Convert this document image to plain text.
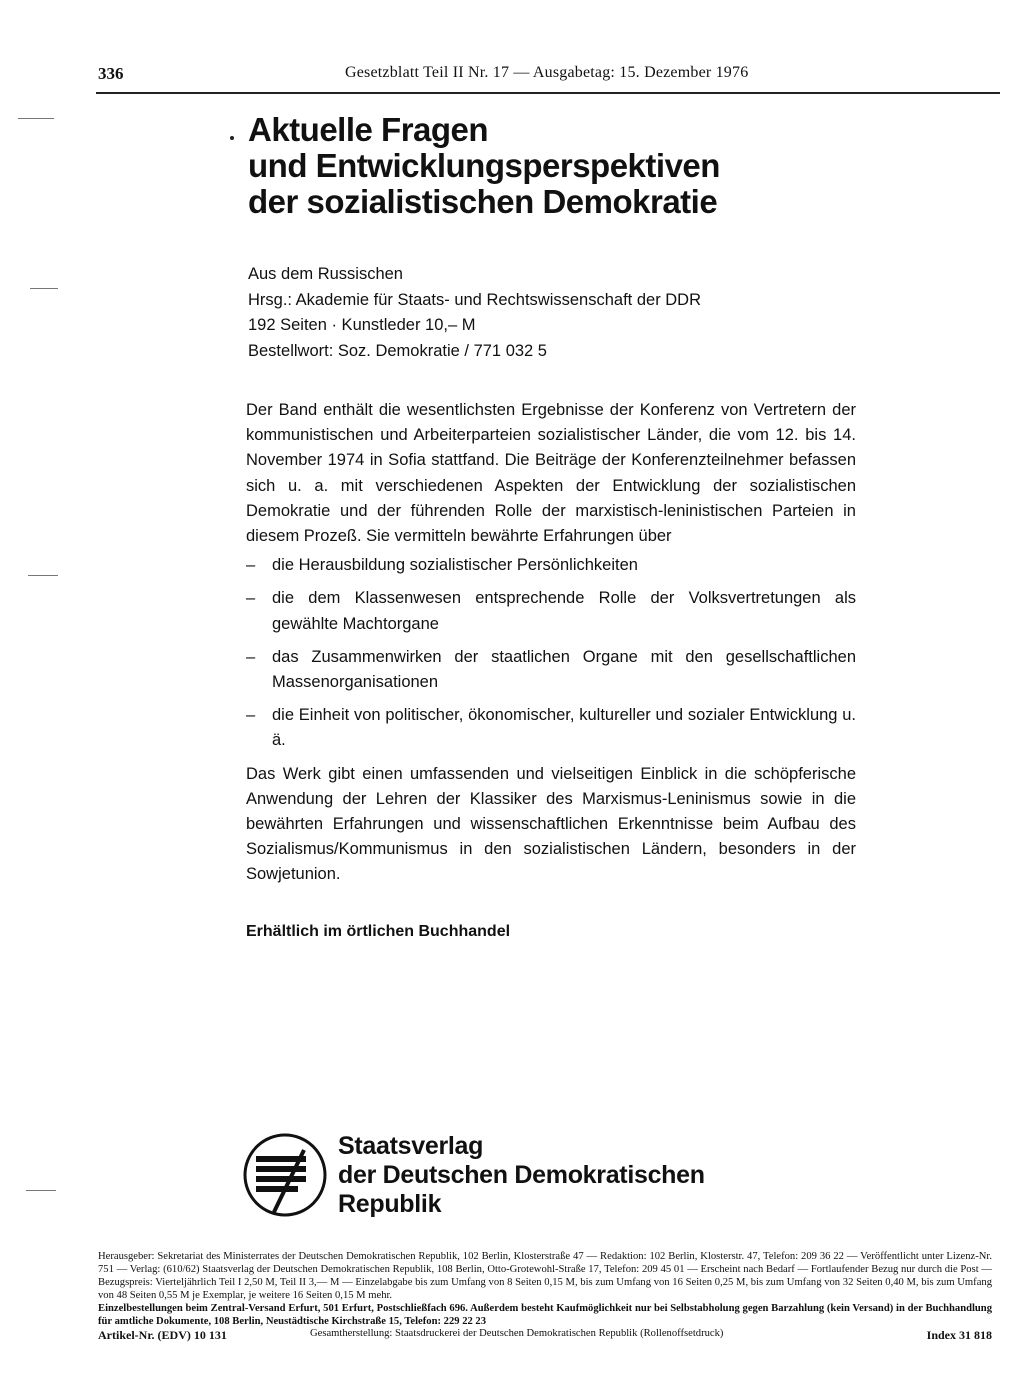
336	Gesetzblatt Teil II Nr. 17 — Ausgabetag: 15. Dezember 1976
Aktuelle Fragen
und Entwicklungsperspektiven
der sozialistischen Demokratie
Aus dem Russischen
Hrsg.: Akademie für Staats- und Rechtswissenschaft der DDR
192 Seiten · Kunstleder 10,– M
Bestellwort: Soz. Demokratie / 771 032 5

Der Band enthält die wesentlichsten Ergebnisse der Konferenz von Vertretern der kommunistischen und Arbeiterparteien sozialistischer Länder, die vom 12. bis 14. November 1974 in Sofia stattfand. Die Beiträge der Konferenzteilnehmer befassen sich u. a. mit verschiedenen Aspekten der Entwicklung der sozialistischen Demokratie und der führenden Rolle der marxistisch-leninistischen Parteien in diesem Prozeß. Sie vermitteln bewährte Erfahrungen über

– die Herausbildung sozialistischer Persönlichkeiten
– die dem Klassenwesen entsprechende Rolle der Volksvertretungen als gewählte Machtorgane
– das Zusammenwirken der staatlichen Organe mit den gesellschaftlichen Massenorganisationen
– die Einheit von politischer, ökonomischer, kultureller und sozialer Entwicklung u. ä.

Das Werk gibt einen umfassenden und vielseitigen Einblick in die schöpferische Anwendung der Lehren der Klassiker des Marxismus-Leninismus sowie in die bewährten Erfahrungen und wissenschaftlichen Erkenntnisse beim Aufbau des Sozialismus/Kommunismus in den sozialistischen Ländern, besonders in der Sowjetunion.

Erhältlich im örtlichen Buchhandel
Staatsverlag
der Deutschen Demokratischen
Republik

Herausgeber: Sekretariat des Ministerrates der Deutschen Demokratischen Republik, 102 Berlin, Klosterstraße 47 — Redaktion: 102 Berlin, Klosterstr. 47, Telefon: 209 36 22 — Veröffentlicht unter Lizenz-Nr. 751 — Verlag: (610/62) Staatsverlag der Deutschen Demokratischen Republik, 108 Berlin, Otto-Grotewohl-Straße 17, Telefon: 209 45 01 — Erscheint nach Bedarf — Fortlaufender Bezug nur durch die Post — Bezugspreis: Vierteljährlich Teil I 2,50 M, Teil II 3,— M — Einzelabgabe bis zum Umfang von 8 Seiten 0,15 M, bis zum Umfang von 16 Seiten 0,25 M, bis zum Umfang von 32 Seiten 0,40 M, bis zum Umfang von 48 Seiten 0,55 M je Exemplar, je weitere 16 Seiten 0,15 M mehr.

Einzelbestellungen beim Zentral-Versand Erfurt, 501 Erfurt, Postschließfach 696. Außerdem besteht Kaufmöglichkeit nur bei Selbstabholung gegen Barzahlung (kein Versand) in der Buchhandlung für amtliche Dokumente, 108 Berlin, Neustädtische Kirchstraße 15, Telefon: 229 22 23

Artikel-Nr. (EDV) 10 131	Gesamtherstellung: Staatsdruckerei der Deutschen Demokratischen Republik (Rollenoffsetdruck)	Index 31 818
